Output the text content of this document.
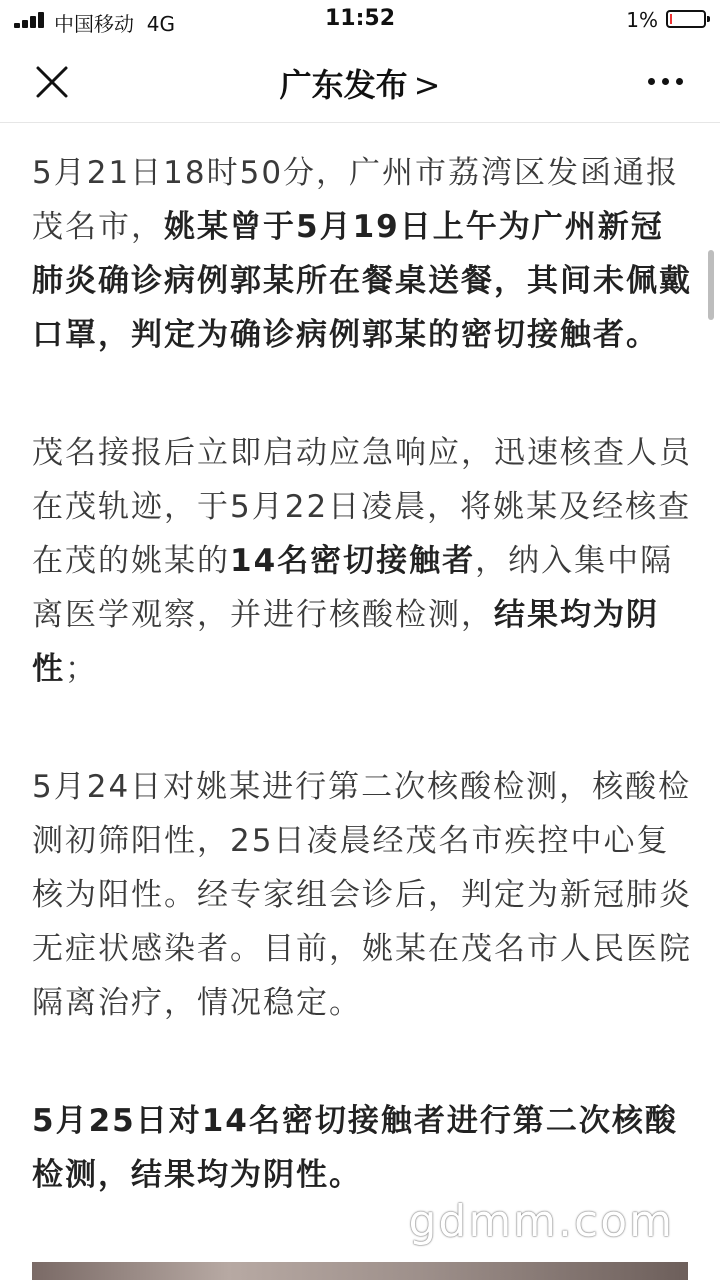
中国移动 4G	11:52	1%
广东发布 >

5月21日18时50分，广州市荔湾区发函通报茂名市，姚某曾于5月19日上午为广州新冠肺炎确诊病例郭某所在餐桌送餐，其间未佩戴口罩，判定为确诊病例郭某的密切接触者。

茂名接报后立即启动应急响应，迅速核查人员在茂轨迹，于5月22日凌晨，将姚某及经核查在茂的姚某的14名密切接触者，纳入集中隔离医学观察，并进行核酸检测，结果均为阴性；

5月24日对姚某进行第二次核酸检测，核酸检测初筛阳性，25日凌晨经茂名市疾控中心复核为阳性。经专家组会诊后，判定为新冠肺炎无症状感染者。目前，姚某在茂名市人民医院隔离治疗，情况稳定。

5月25日对14名密切接触者进行第二次核酸检测，结果均为阴性。

gdmm.com
